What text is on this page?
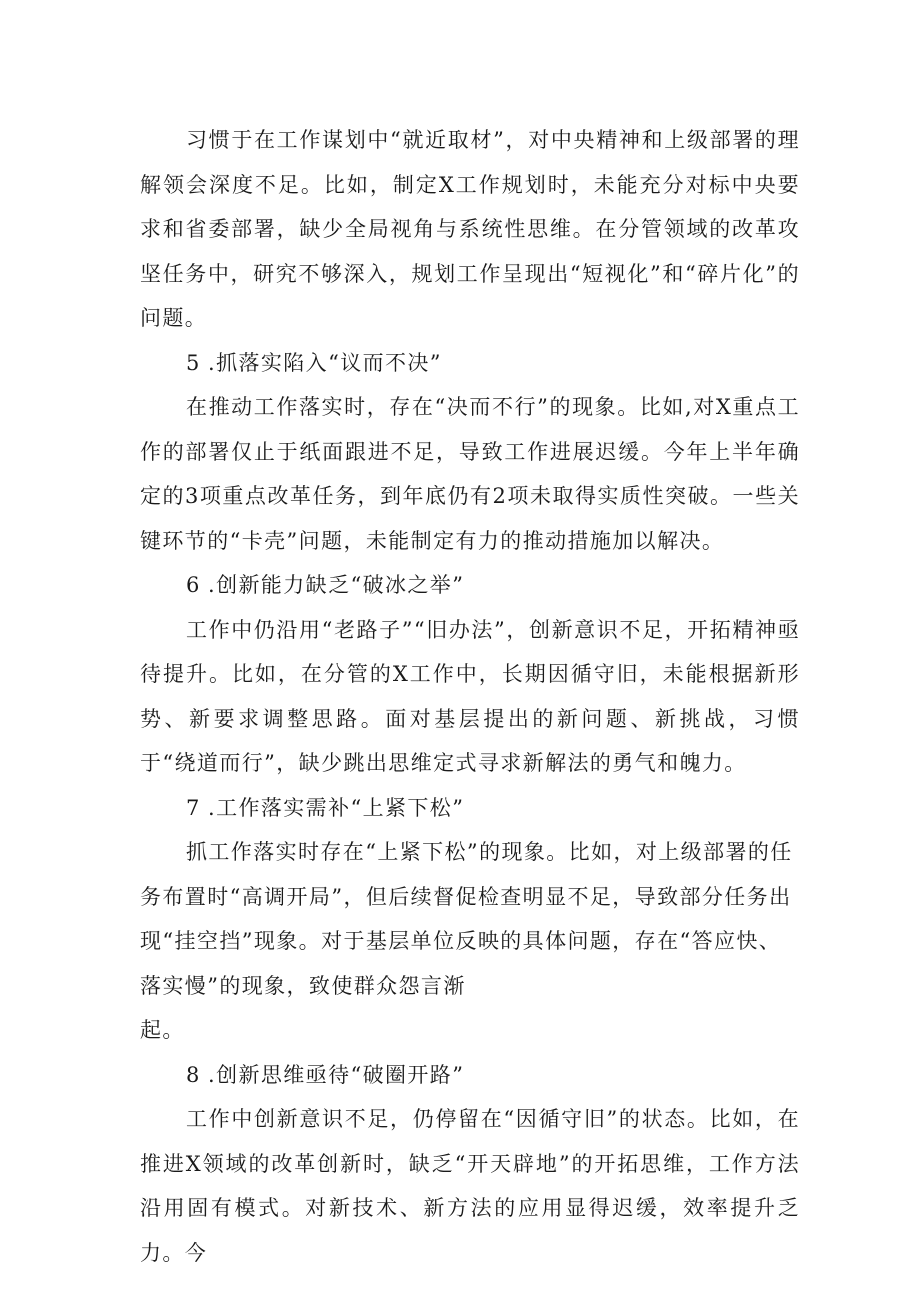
习惯于在工作谋划中“就近取材”，对中央精神和上级部署的理解领会深度不足。比如，制定X工作规划时，未能充分对标中央要求和省委部署，缺少全局视角与系统性思维。在分管领域的改革攻坚任务中，研究不够深入，规划工作呈现出“短视化”和“碎片化”的问题。

5 .抓落实陷入“议而不决”

在推动工作落实时，存在“决而不行”的现象。比如,对X重点工作的部署仅止于纸面跟进不足，导致工作进展迟缓。今年上半年确定的3项重点改革任务，到年底仍有2项未取得实质性突破。一些关键环节的“卡壳”问题，未能制定有力的推动措施加以解决。

6 .创新能力缺乏“破冰之举”

工作中仍沿用“老路子”“旧办法”，创新意识不足，开拓精神亟待提升。比如，在分管的X工作中，长期因循守旧，未能根据新形势、新要求调整思路。面对基层提出的新问题、新挑战，习惯于“绕道而行”，缺少跳出思维定式寻求新解法的勇气和魄力。

7 .工作落实需补“上紧下松”

抓工作落实时存在“上紧下松”的现象。比如，对上级部署的任务布置时“高调开局”，但后续督促检查明显不足，导致部分任务出现“挂空挡”现象。对于基层单位反映的具体问题，存在“答应快、落实慢”的现象，致使群众怨言渐

起。

8 .创新思维亟待“破圈开路”

工作中创新意识不足，仍停留在“因循守旧”的状态。比如，在推进X领域的改革创新时，缺乏“开天辟地”的开拓思维，工作方法沿用固有模式。对新技术、新方法的应用显得迟缓，效率提升乏力。今
